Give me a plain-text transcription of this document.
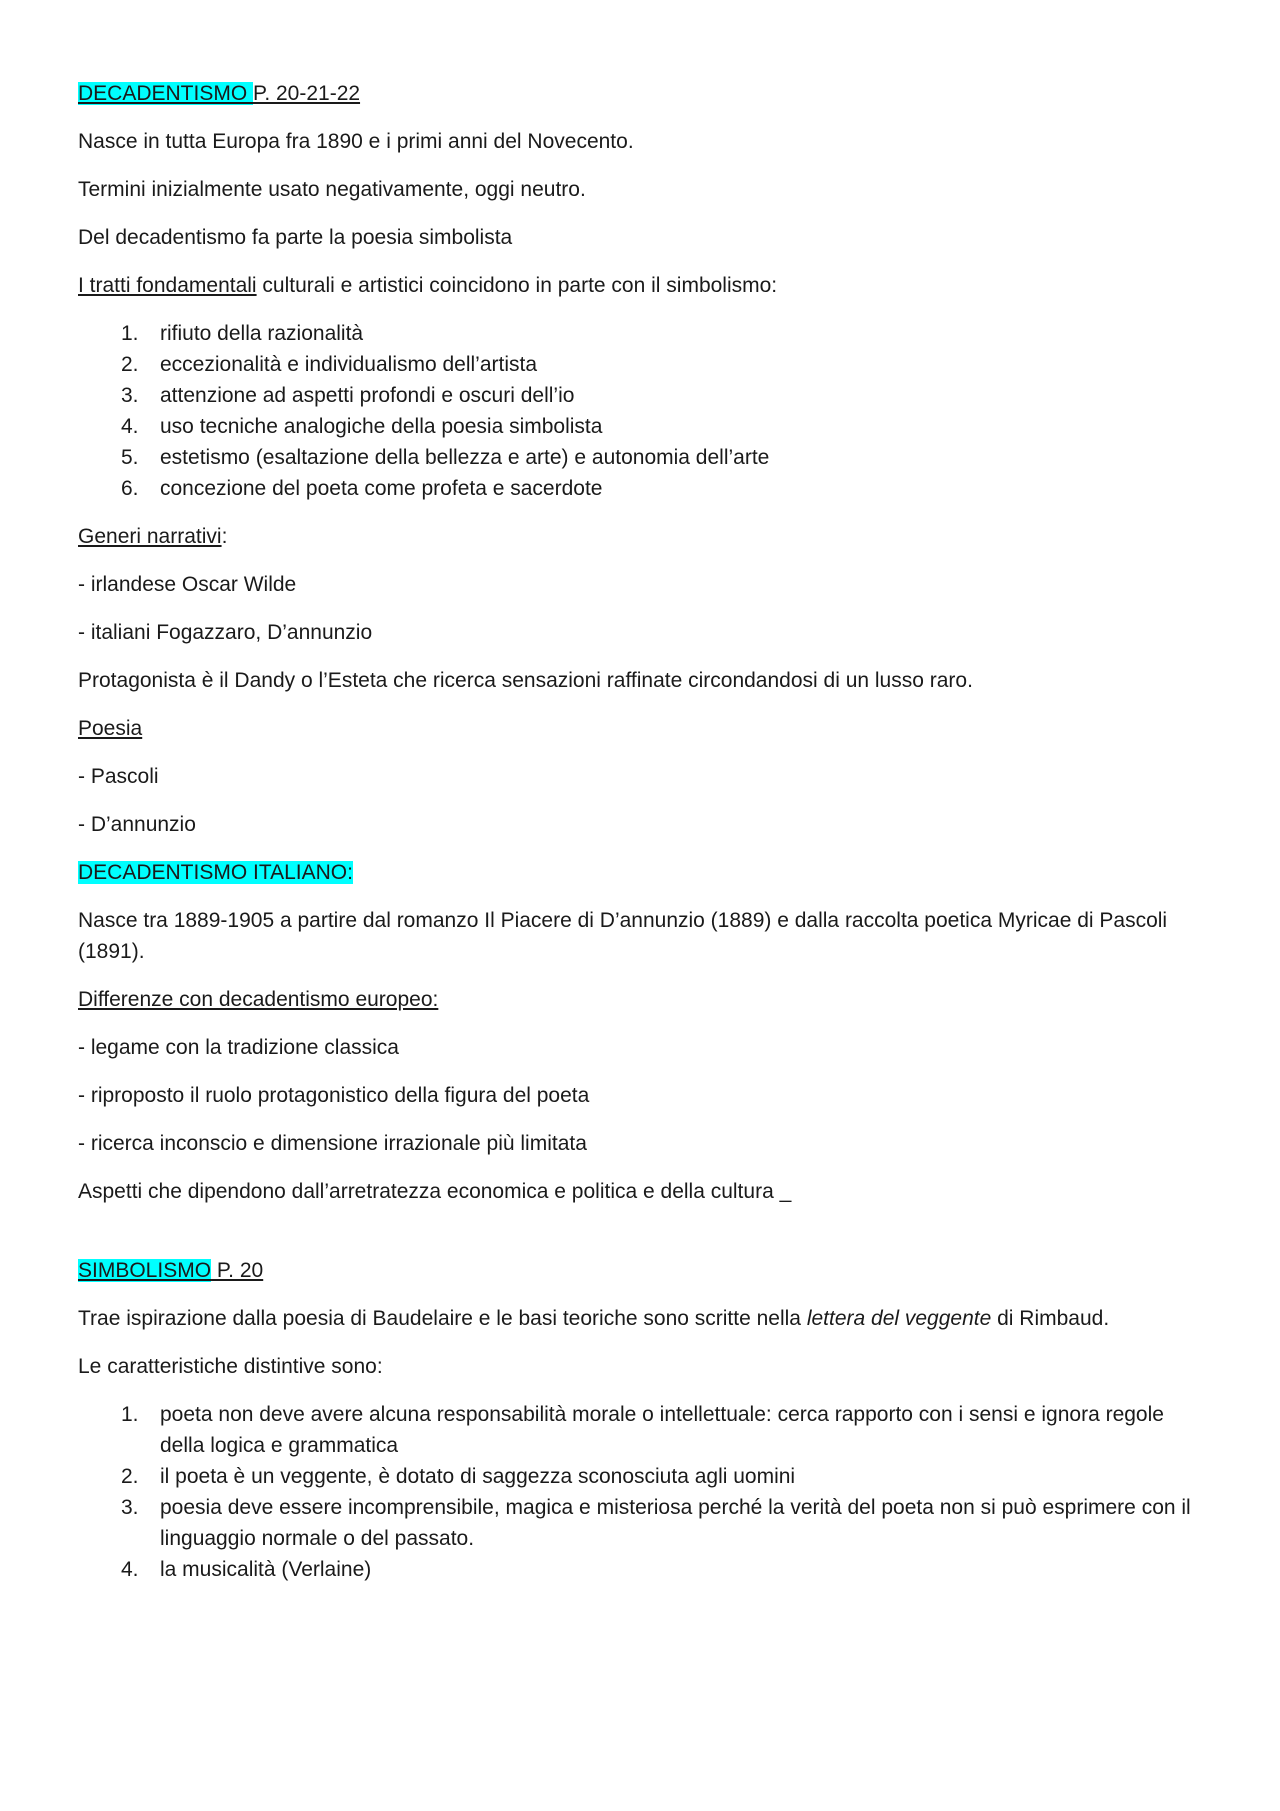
DECADENTISMO P. 20-21-22

Nasce in tutta Europa fra 1890 e i primi anni del Novecento.

Termini inizialmente usato negativamente, oggi neutro.

Del decadentismo fa parte la poesia simbolista

I tratti fondamentali culturali e artistici coincidono in parte con il simbolismo:

1. rifiuto della razionalità
2. eccezionalità e individualismo dell’artista
3. attenzione ad aspetti profondi e oscuri dell’io
4. uso tecniche analogiche della poesia simbolista
5. estetismo (esaltazione della bellezza e arte) e autonomia dell’arte
6. concezione del poeta come profeta e sacerdote

Generi narrativi:

- irlandese Oscar Wilde

- italiani Fogazzaro, D’annunzio

Protagonista è il Dandy o l’Esteta che ricerca sensazioni raffinate circondandosi di un lusso raro.

Poesia

- Pascoli

- D’annunzio

DECADENTISMO ITALIANO:

Nasce tra 1889-1905 a partire dal romanzo Il Piacere di D’annunzio (1889) e dalla raccolta poetica Myricae di Pascoli (1891).

Differenze con decadentismo europeo:

- legame con la tradizione classica

- riproposto il ruolo protagonistico della figura del poeta

- ricerca inconscio e dimensione irrazionale più limitata

Aspetti che dipendono dall’arretratezza economica e politica e della cultura _

SIMBOLISMO P. 20

Trae ispirazione dalla poesia di Baudelaire e le basi teoriche sono scritte nella lettera del veggente di Rimbaud.

Le caratteristiche distintive sono:

1. poeta non deve avere alcuna responsabilità morale o intellettuale: cerca rapporto con i sensi e ignora regole della logica e grammatica
2. il poeta è un veggente, è dotato di saggezza sconosciuta agli uomini
3. poesia deve essere incomprensibile, magica e misteriosa perché la verità del poeta non si può esprimere con il linguaggio normale o del passato.
4. la musicalità (Verlaine)
